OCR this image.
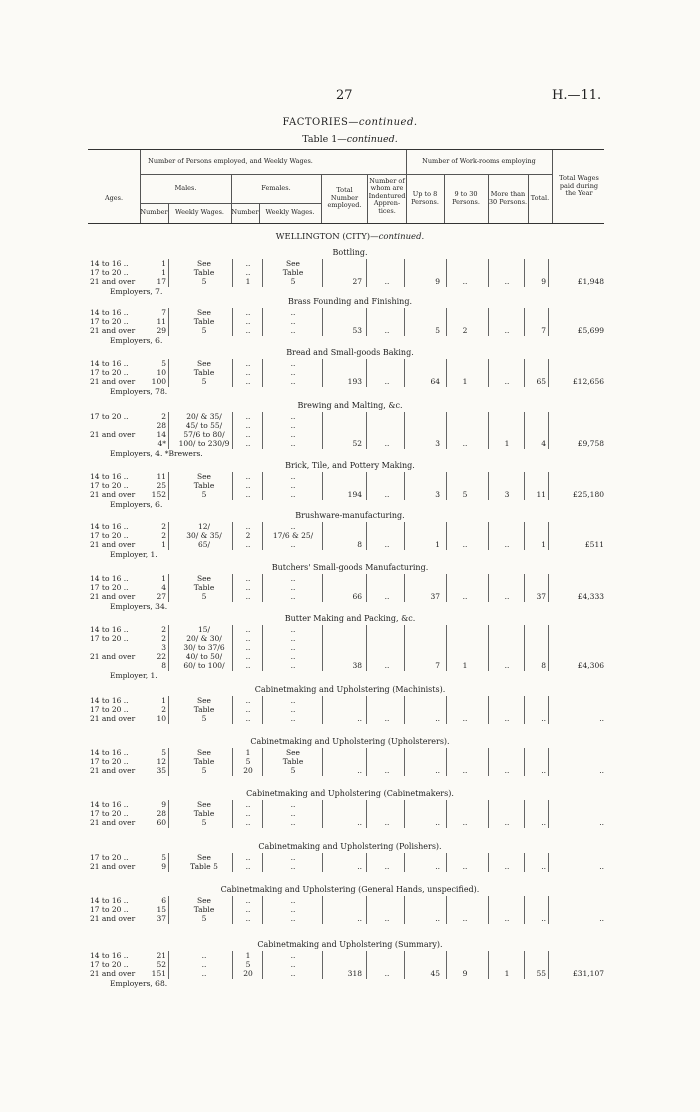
27	H.—11.
FACTORIES—continued.
Table 1—continued.
Ages.
Number of Persons employed, and Weekly Wages.
Males.	Females.
Number	Weekly Wages.	Number	Weekly Wages.
Total Number employed.
Number of whom are Indentured Appren-tices.
Number of Work-rooms employing
Up to 8 Persons.
9 to 30 Persons.
More than 30 Persons. Total.
Total Wages paid during the Year
WELLINGTON (CITY)—continued.
Bottling.
14 to 16 ..	1	See	..	See
17 to 20 ..	1	Table	..	Table
21 and over	17	5	1	5	27	..	9	..	..	9	£1,948
Employers, 7.
Brass Founding and Finishing.
14 to 16 ..	7	See	..	..
17 to 20 ..	11	Table	..	..
21 and over	29	5	..	..	53	..	5	2	..	7	£5,699
Employers, 6.
Bread and Small-goods Baking.
14 to 16 ..	5	See	..	..
17 to 20 ..	10	Table	..	..
21 and over	100	5	..	..	193	..	64	1	..	65	£12,656
Employers, 78.
Brewing and Malting, &c.
17 to 20 ..	2	20/ & 35/	..	..
28	45/ to 55/	..	..
21 and over	14	57/6 to 80/	..	..
4*	100/ to 230/9	..	..	52	..	3	..	1	4	£9,758
Employers, 4. *Brewers.
Brick, Tile, and Pottery Making.
14 to 16 ..	11	See	..	..
17 to 20 ..	25	Table	..	..
21 and over	152	5	..	..	194	..	3	5	3	11	£25,180
Employers, 6.
Brushware-manufacturing.
14 to 16 ..	2	12/	..	..
17 to 20 ..	2	30/ & 35/	2	17/6 & 25/
21 and over	1	65/	..	..	8	..	1	..	..	1	£511
Employer, 1.
Butchers' Small-goods Manufacturing.
14 to 16 ..	1	See	..	..
17 to 20 ..	4	Table	..	..
21 and over	27	5	..	..	66	..	37	..	..	37	£4,333
Employers, 34.
Butter Making and Packing, &c.
14 to 16 ..	2	15/	..	..
17 to 20 ..	2	20/ & 30/	..	..
3	30/ to 37/6	..	..
21 and over	22	40/ to 50/	..	..
8	60/ to 100/	..	..	38	..	7	1	..	8	£4,306
Employer, 1.
Cabinetmaking and Upholstering (Machinists).
14 to 16 ..	1	See	..	..
17 to 20 ..	2	Table	..	..
21 and over	10	5	..	..	..	..	..	..	..	..	..
Cabinetmaking and Upholstering (Upholsterers).
14 to 16 ..	5	See	1	See
17 to 20 ..	12	Table	5	Table
21 and over	35	5	20	5	..	..	..	..	..	..	..
Cabinetmaking and Upholstering (Cabinetmakers).
14 to 16 ..	9	See	..	..
17 to 20 ..	28	Table	..	..
21 and over	60	5	..	..	..	..	..	..	..	..	..
Cabinetmaking and Upholstering (Polishers).
17 to 20 ..	5	See	..	..
21 and over	9	Table 5	..	..	..	..	..	..	..	..	..
Cabinetmaking and Upholstering (General Hands, unspecified).
14 to 16 ..	6	See	..	..
17 to 20 ..	15	Table	..	..
21 and over	37	5	..	..	..	..	..	..	..	..	..
Cabinetmaking and Upholstering (Summary).
14 to 16 ..	21	..	1	..
17 to 20 ..	52	..	5	..
21 and over	151	..	20	..	318	..	45	9	1	55	£31,107
Employers, 68.
